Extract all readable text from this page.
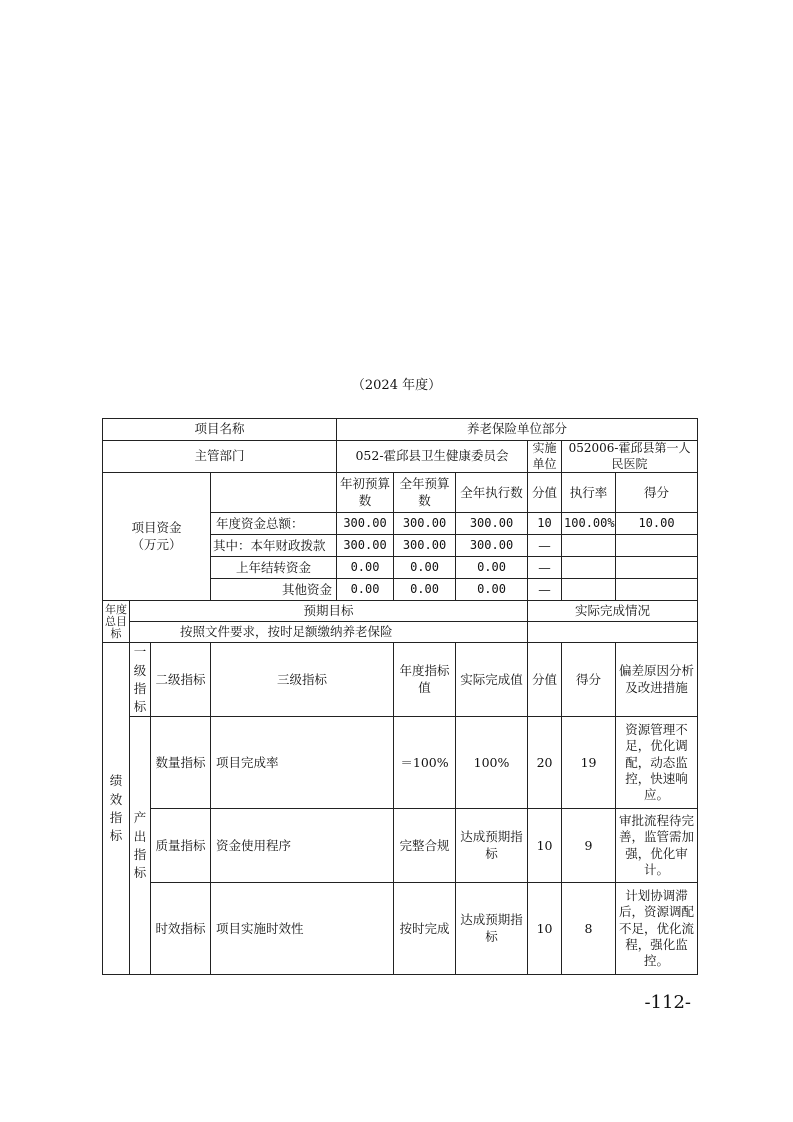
（2024 年度）
项目名称				养老保险单位部分					
主管部门				052-霍邱县卫生健康委员会			实施单位	052006-霍邱县第一人民医院	

项目资金
（万元）				年初预算数	全年预算数	全年执行数	分值	执行率	得分
			年度资金总额：	300.00	300.00	300.00	10	100.00%	10.00
			其中：本年财政拨款	300.00	300.00	300.00	—		
			上年结转资金	0.00	0.00	0.00	—		
			其他资金	0.00	0.00	0.00	—		
年度总目标	预期目标						实际完成情况		
	按照文件要求，按时足额缴纳养老保险								
绩效指标	一级指标	二级指标	三级指标		年度指标值	实际完成值	分值	得分	偏差原因分析及改进措施
	产出指标	数量指标	项目完成率		＝100%	100%	20	19	资源管理不足，优化调配，动态监控，快速响应。
		质量指标	资金使用程序		完整合规	达成预期指标	10	9	审批流程待完善，监管需加强，优化审计。
		时效指标	项目实施时效性		按时完成	达成预期指标	10	8	计划协调滞后，资源调配不足，优化流程，强化监控。
-112-
